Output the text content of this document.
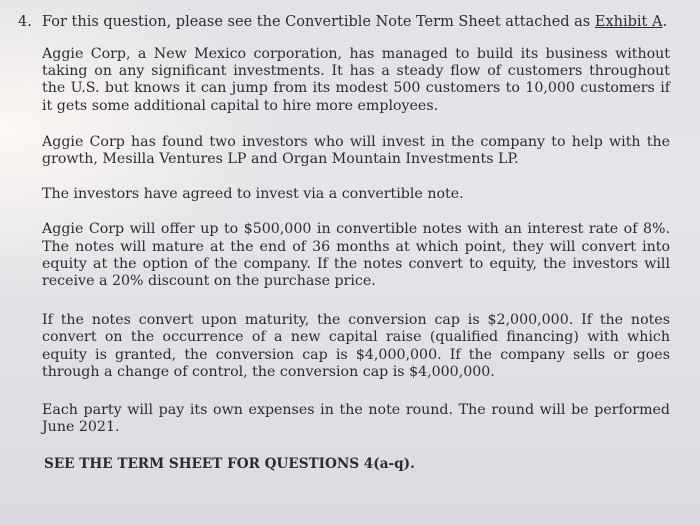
4. For this question, please see the Convertible Note Term Sheet attached as Exhibit A.

Aggie Corp, a New Mexico corporation, has managed to build its business without taking on any significant investments. It has a steady flow of customers throughout the U.S. but knows it can jump from its modest 500 customers to 10,000 customers if it gets some additional capital to hire more employees.

Aggie Corp has found two investors who will invest in the company to help with the growth, Mesilla Ventures LP and Organ Mountain Investments LP.

The investors have agreed to invest via a convertible note.

Aggie Corp will offer up to $500,000 in convertible notes with an interest rate of 8%. The notes will mature at the end of 36 months at which point, they will convert into equity at the option of the company. If the notes convert to equity, the investors will receive a 20% discount on the purchase price.

If the notes convert upon maturity, the conversion cap is $2,000,000. If the notes convert on the occurrence of a new capital raise (qualified financing) with which equity is granted, the conversion cap is $4,000,000. If the company sells or goes through a change of control, the conversion cap is $4,000,000.

Each party will pay its own expenses in the note round. The round will be performed June 2021.

SEE THE TERM SHEET FOR QUESTIONS 4(a-q).
